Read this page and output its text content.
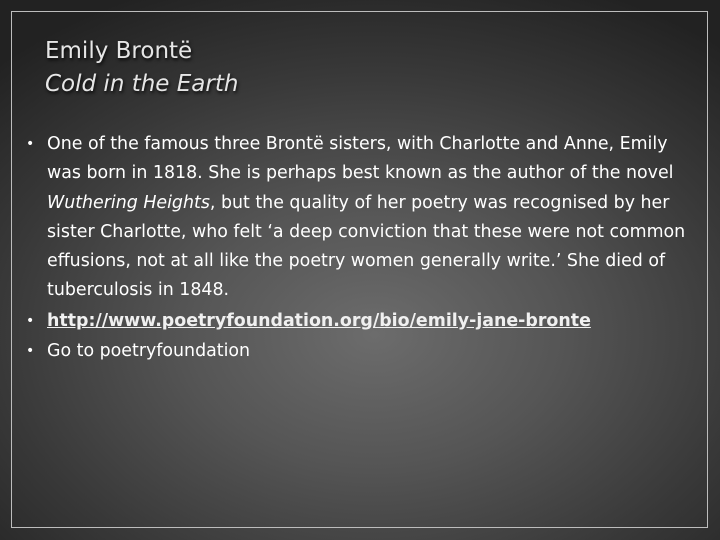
Emily Brontë
Cold in the Earth
• One of the famous three Brontë sisters, with Charlotte and Anne, Emily was born in 1818. She is perhaps best known as the author of the novel Wuthering Heights, but the quality of her poetry was recognised by her sister Charlotte, who felt ‘a deep conviction that these were not common effusions, not at all like the poetry women generally write.’ She died of tuberculosis in 1848.
• http://www.poetryfoundation.org/bio/emily-jane-bronte
• Go to poetryfoundation
